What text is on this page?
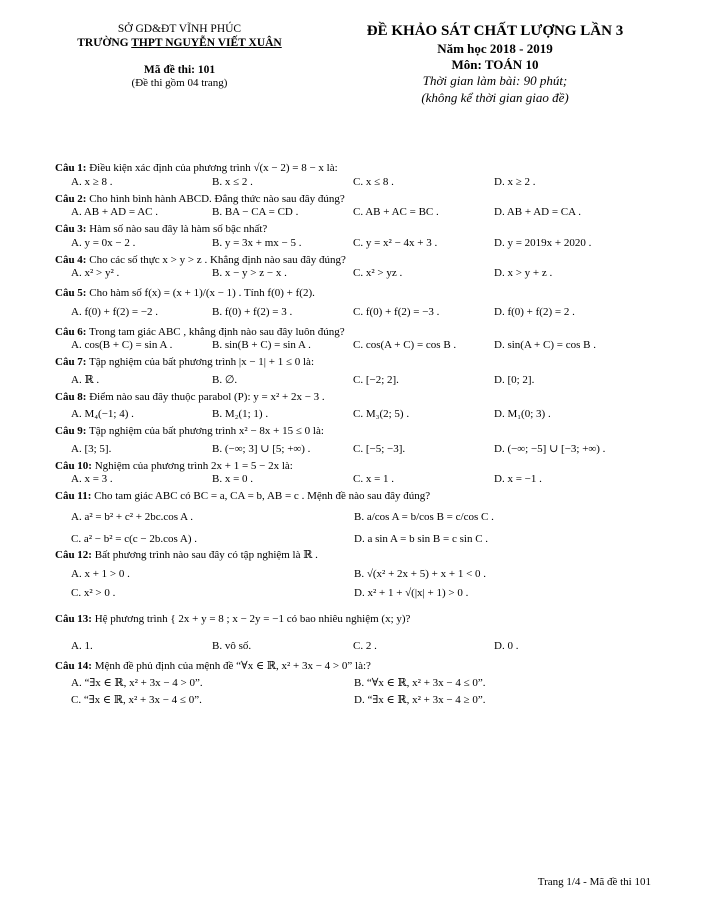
SỞ GD&ĐT VĨNH PHÚC
TRƯỜNG THPT NGUYỄN VIẾT XUÂN
Mã đề thi: 101
(Đề thi gồm 04 trang)
ĐỀ KHẢO SÁT CHẤT LƯỢNG LẦN 3
Năm học 2018 - 2019
Môn: TOÁN 10
Thời gian làm bài: 90 phút;
(không kể thời gian giao đề)
Câu 1: Điều kiện xác định của phương trình √(x − 2) = 8 − x là:
A. x ≥ 8 .	B. x ≤ 2 .	C. x ≤ 8 .	D. x ≥ 2 .
Câu 2: Cho hình bình hành ABCD. Đẳng thức nào sau đây đúng?
A. AB + AD = AC .	B. BA − CA = CD .	C. AB + AC = BC .	D. AB + AD = CA .
Câu 3: Hàm số nào sau đây là hàm số bậc nhất?
A. y = 0x − 2 .	B. y = 3x + mx − 5 .	C. y = x² − 4x + 3 .	D. y = 2019x + 2020 .
Câu 4: Cho các số thực x > y > z . Khẳng định nào sau đây đúng?
A. x² > y² .	B. x − y > z − x .	C. x² > yz .	D. x > y + z .
Câu 5: Cho hàm số f(x) = (x + 1)/(x − 1) . Tính f(0) + f(2).
A. f(0) + f(2) = −2 .	B. f(0) + f(2) = 3 .	C. f(0) + f(2) = −3 .	D. f(0) + f(2) = 2 .
Câu 6: Trong tam giác ABC , khẳng định nào sau đây luôn đúng?
A. cos(B + C) = sin A .	B. sin(B + C) = sin A .	C. cos(A + C) = cos B .	D. sin(A + C) = cos B .
Câu 7: Tập nghiệm của bất phương trình |x − 1| + 1 ≤ 0 là:
A. ℝ .	B. ∅.	C. [−2; 2].	D. [0; 2].
Câu 8: Điểm nào sau đây thuộc parabol (P): y = x² + 2x − 3 .
A. M₄(−1; 4) .	B. M₂(1; 1) .	C. M₃(2; 5) .	D. M₁(0; 3) .
Câu 9: Tập nghiệm của bất phương trình x² − 8x + 15 ≤ 0 là:
A. [3; 5].	B. (−∞; 3] ∪ [5; +∞) .	C. [−5; −3].	D. (−∞; −5] ∪ [−3; +∞) .
Câu 10: Nghiệm của phương trình 2x + 1 = 5 − 2x là:
A. x = 3 .	B. x = 0 .	C. x = 1 .	D. x = −1 .
Câu 11: Cho tam giác ABC có BC = a, CA = b, AB = c . Mệnh đề nào sau đây đúng?
A. a² = b² + c² + 2bc.cos A .	B. a/cos A = b/cos B = c/cos C .
C. a² − b² = c(c − 2b.cos A) .	D. a sin A = b sin B = c sin C .
Câu 12: Bất phương trình nào sau đây có tập nghiệm là ℝ .
A. x + 1 > 0 .	B. √(x² + 2x + 5) + x + 1 < 0 .
C. x² > 0 .	D. x² + 1 + √(|x| + 1) > 0 .
Câu 13: Hệ phương trình { 2x + y = 8 ; x − 2y = −1 có bao nhiêu nghiệm (x; y)?
A. 1.	B. vô số.	C. 2 .	D. 0 .
Câu 14: Mệnh đề phủ định của mệnh đề “∀x ∈ ℝ, x² + 3x − 4 > 0” là:?
A. “∃x ∈ ℝ, x² + 3x − 4 > 0”.	B. “∀x ∈ ℝ, x² + 3x − 4 ≤ 0”.
C. “∃x ∈ ℝ, x² + 3x − 4 ≤ 0”.	D. “∃x ∈ ℝ, x² + 3x − 4 ≥ 0”.
Trang 1/4 - Mã đề thi 101
